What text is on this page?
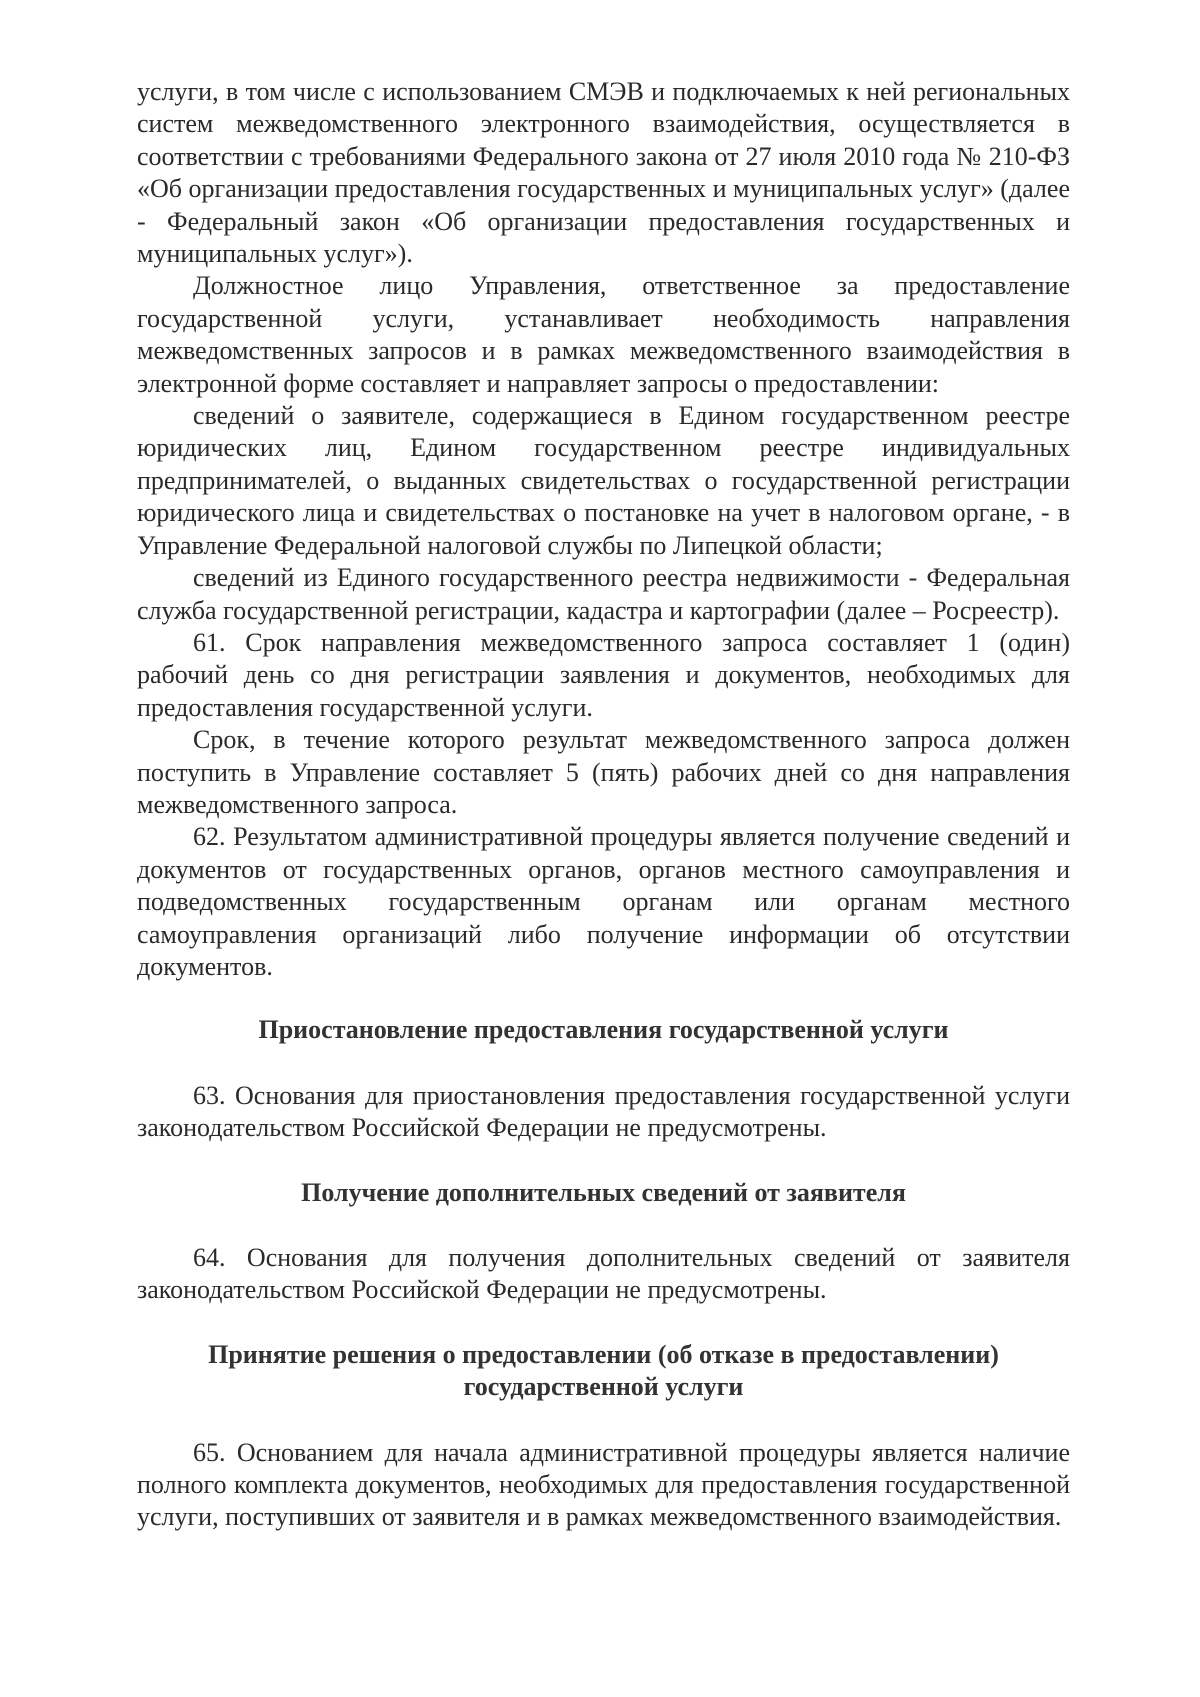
услуги, в том числе с использованием СМЭВ и подключаемых к ней региональных систем межведомственного электронного взаимодействия, осуществляется в соответствии с требованиями Федерального закона от 27 июля 2010 года № 210-ФЗ «Об организации предоставления государственных и муниципальных услуг» (далее - Федеральный закон «Об организации предоставления государственных и муниципальных услуг»).

Должностное лицо Управления, ответственное за предоставление государственной услуги, устанавливает необходимость направления межведомственных запросов и в рамках межведомственного взаимодействия в электронной форме составляет и направляет запросы о предоставлении:

сведений о заявителе, содержащиеся в Едином государственном реестре юридических лиц, Едином государственном реестре индивидуальных предпринимателей, о выданных свидетельствах о государственной регистрации юридического лица и свидетельствах о постановке на учет в налоговом органе, - в Управление Федеральной налоговой службы по Липецкой области;

сведений из Единого государственного реестра недвижимости - Федеральная служба государственной регистрации, кадастра и картографии (далее – Росреестр).

61. Срок направления межведомственного запроса составляет 1 (один) рабочий день со дня регистрации заявления и документов, необходимых для предоставления государственной услуги.

Срок, в течение которого результат межведомственного запроса должен поступить в Управление составляет 5 (пять) рабочих дней со дня направления межведомственного запроса.

62. Результатом административной процедуры является получение сведений и документов от государственных органов, органов местного самоуправления и подведомственных государственным органам или органам местного самоуправления организаций либо получение информации об отсутствии документов.

Приостановление предоставления государственной услуги

63. Основания для приостановления предоставления государственной услуги законодательством Российской Федерации не предусмотрены.

Получение дополнительных сведений от заявителя

64. Основания для получения дополнительных сведений от заявителя законодательством Российской Федерации не предусмотрены.

Принятие решения о предоставлении (об отказе в предоставлении)

государственной услуги

65. Основанием для начала административной процедуры является наличие полного комплекта документов, необходимых для предоставления государственной услуги, поступивших от заявителя и в рамках межведомственного взаимодействия.
